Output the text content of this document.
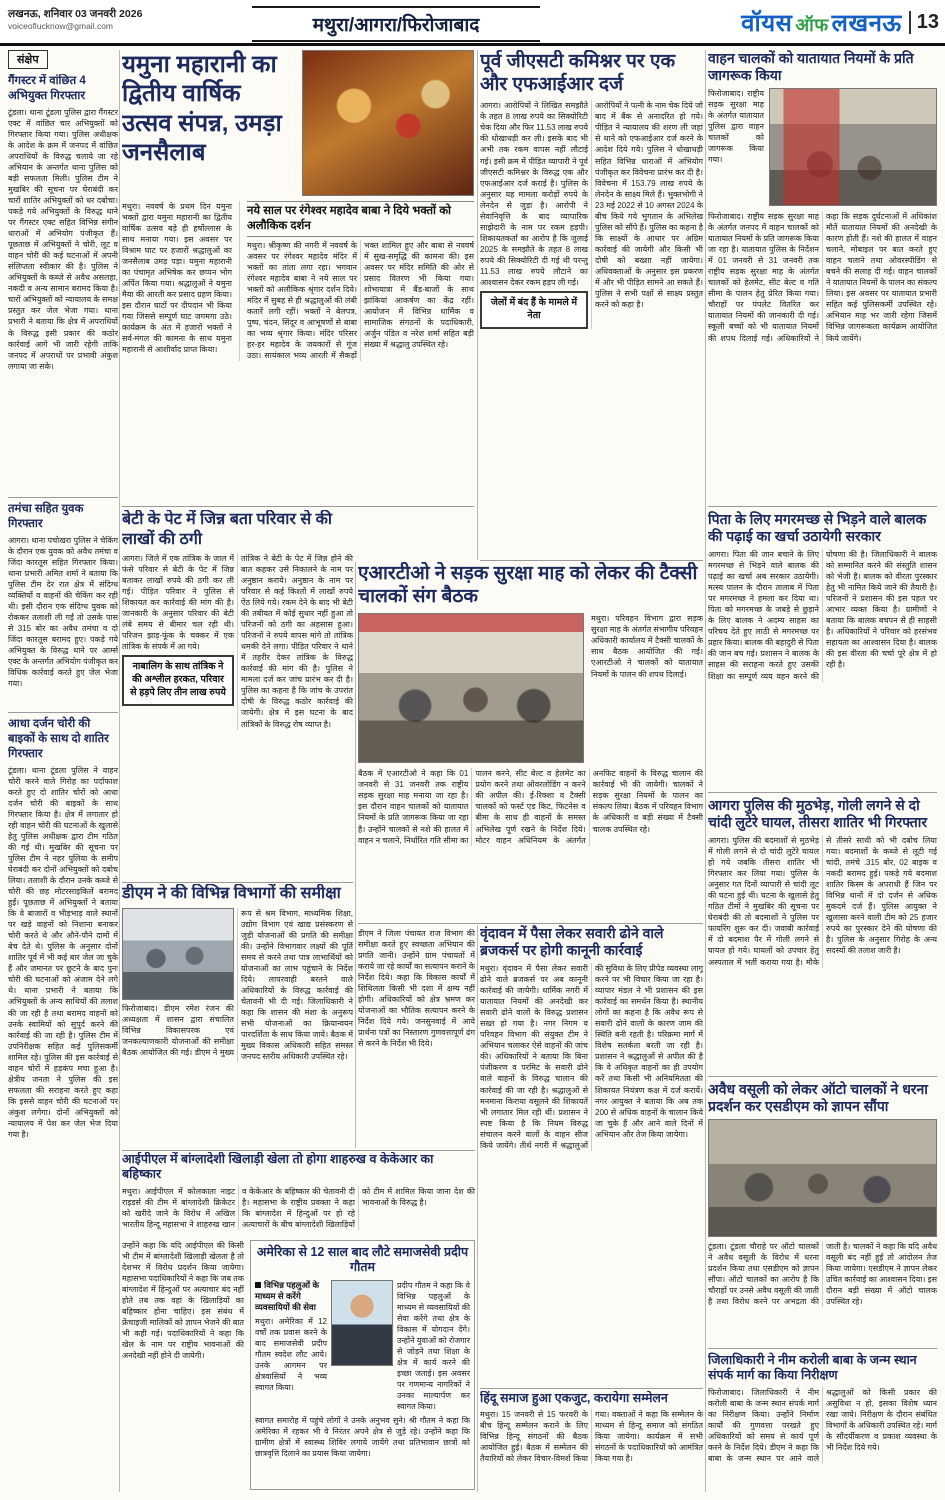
लखनऊ, शनिवार 03 जनवरी 2026
voiceoflucknow@gmail.com	मथुरा/आगरा/फिरोजाबाद	वॉयस ऑफ लखनऊ 13
संक्षेप
गैंगस्टर में वांछित 4 अभियुक्त गिरफ्तार

टूंडला। थाना टूंडला पुलिस द्वारा गैंगस्टर एक्ट में वांछित चार अभियुक्तों को गिरफ्तार किया गया। पुलिस अधीक्षक के आदेश के क्रम में जनपद में वांछित अपराधियों के विरुद्ध चलाये जा रहे अभियान के अन्तर्गत थाना पुलिस को बड़ी सफलता मिली। पुलिस टीम ने मुखबिर की सूचना पर घेराबंदी कर चारों शातिर अभियुक्तों को धर दबोचा। पकड़े गये अभियुक्तों के विरुद्ध थाने पर गैंगस्टर एक्ट सहित विभिन्न संगीन धाराओं में अभियोग पंजीकृत हैं। पूछताछ में अभियुक्तों ने चोरी, लूट व वाहन चोरी की कई घटनाओं में अपनी संलिप्तता स्वीकार की है। पुलिस ने अभियुक्तों के कब्जे से अवैध असलहा, नकदी व अन्य सामान बरामद किया है। चारों अभियुक्तों को न्यायालय के समक्ष प्रस्तुत कर जेल भेजा गया। थाना प्रभारी ने बताया कि क्षेत्र में अपराधियों के विरुद्ध इसी प्रकार की कठोर कार्रवाई आगे भी जारी रहेगी ताकि जनपद में अपराधों पर प्रभावी अंकुश लगाया जा सके।

तमंचा सहित युवक गिरफ्तार

आगरा। थाना पचोखरा पुलिस ने चेकिंग के दौरान एक युवक को अवैध तमंचा व जिंदा कारतूस सहित गिरफ्तार किया। थाना प्रभारी अमित शर्मा ने बताया कि पुलिस टीम देर रात क्षेत्र में संदिग्ध व्यक्तियों व वाहनों की चेकिंग कर रही थी। इसी दौरान एक संदिग्ध युवक को रोककर तलाशी ली गई तो उसके पास से 315 बोर का अवैध तमंचा व दो जिंदा कारतूस बरामद हुए। पकड़े गये अभियुक्त के विरुद्ध थाने पर आर्म्स एक्ट के अन्तर्गत अभियोग पंजीकृत कर विधिक कार्रवाई करते हुए जेल भेजा गया।

आधा दर्जन चोरी की बाइकों के साथ दो शातिर गिरफ्तार

टूंडला। थाना टूंडला पुलिस ने वाहन चोरी करने वाले गिरोह का पर्दाफाश करते हुए दो शातिर चोरों को आधा दर्जन चोरी की बाइकों के साथ गिरफ्तार किया है। क्षेत्र में लगातार हो रही वाहन चोरी की घटनाओं के खुलासे हेतु पुलिस अधीक्षक द्वारा टीम गठित की गई थी। मुखबिर की सूचना पर पुलिस टीम ने नहर पुलिया के समीप घेराबंदी कर दोनों अभियुक्तों को दबोच लिया। तलाशी के दौरान उनके कब्जे से चोरी की छह मोटरसाइकिलें बरामद हुईं। पूछताछ में अभियुक्तों ने बताया कि वे बाजारों व भीड़भाड़ वाले स्थानों पर खड़े वाहनों को निशाना बनाकर चोरी करते थे और औने-पौने दामों में बेच देते थे। पुलिस के अनुसार दोनों शातिर पूर्व में भी कई बार जेल जा चुके हैं और जमानत पर छूटने के बाद पुनः चोरी की घटनाओं को अंजाम देने लगे थे। थाना प्रभारी ने बताया कि अभियुक्तों के अन्य साथियों की तलाश की जा रही है तथा बरामद वाहनों को उनके स्वामियों को सुपुर्द करने की कार्रवाई की जा रही है। पुलिस टीम में उपनिरीक्षक सहित कई पुलिसकर्मी शामिल रहे। पुलिस की इस कार्रवाई से वाहन चोरों में हड़कंप मचा हुआ है। क्षेत्रीय जनता ने पुलिस की इस सफलता की सराहना करते हुए कहा कि इससे वाहन चोरी की घटनाओं पर अंकुश लगेगा। दोनों अभियुक्तों को न्यायालय में पेश कर जेल भेज दिया गया है।

यमुना महारानी का द्वितीय वार्षिक उत्सव संपन्न, उमड़ा जनसैलाब
मथुरा। नववर्ष के प्रथम दिन यमुना भक्तों द्वारा यमुना महारानी का द्वितीय वार्षिक उत्सव बड़े ही हर्षोल्लास के साथ मनाया गया। इस अवसर पर विश्राम घाट पर हजारों श्रद्धालुओं का जनसैलाब उमड़ पड़ा। यमुना महारानी का पंचामृत अभिषेक कर छप्पन भोग अर्पित किया गया। श्रद्धालुओं ने यमुना मैया की आरती कर प्रसाद ग्रहण किया। इस दौरान घाटों पर दीपदान भी किया गया जिससे सम्पूर्ण घाट जगमगा उठे। कार्यक्रम के अंत में हजारों भक्तों ने सर्व-मंगल की कामना के साथ यमुना महारानी से आशीर्वाद प्राप्त किया।
नये साल पर रंगेश्वर महादेव बाबा ने दिये भक्तों को अलौकिक दर्शन
मथुरा। श्रीकृष्ण की नगरी में नववर्ष के अवसर पर रंगेश्वर महादेव मंदिर में भक्तों का तांता लगा रहा। भगवान रंगेश्वर महादेव बाबा ने नये साल पर भक्तों को अलौकिक श्रृंगार दर्शन दिये। मंदिर में सुबह से ही श्रद्धालुओं की लंबी कतारें लगी रहीं। भक्तों ने बेलपत्र, पुष्प, चंदन, सिंदूर व आभूषणों से बाबा का भव्य श्रृंगार किया। मंदिर परिसर हर-हर महादेव के जयकारों से गूंज उठा। सायंकाल भव्य आरती में सैकड़ों भक्त शामिल हुए और बाबा से नववर्ष में सुख-समृद्धि की कामना की। इस अवसर पर मंदिर समिति की ओर से प्रसाद वितरण भी किया गया। शोभायात्रा में बैंड-बाजों के साथ झांकियां आकर्षण का केंद्र रहीं। आयोजन में विभिन्न धार्मिक व सामाजिक संगठनों के पदाधिकारी, अर्जुन पंडित व नरेश शर्मा सहित बड़ी संख्या में श्रद्धालु उपस्थित रहे।
पूर्व जीएसटी कमिश्नर पर एक और एफआईआर दर्ज

आगरा। आरोपियों ने लिखित समझौते के तहत 8 लाख रुपये का सिक्योरिटी चेक दिया और फिर 11.53 लाख रुपये की धोखाधड़ी कर ली। इसके बाद भी अभी तक रकम वापस नहीं लौटाई गई। इसी क्रम में पीड़ित व्यापारी ने पूर्व जीएसटी कमिश्नर के विरुद्ध एक और एफआईआर दर्ज कराई है। पुलिस के अनुसार यह मामला करोड़ों रुपये के लेनदेन से जुड़ा है। आरोपी ने सेवानिवृत्ति के बाद व्यापारिक साझेदारी के नाम पर रकम हड़पी। शिकायतकर्ता का आरोप है कि जुलाई 2025 के समझौते के तहत 8 लाख रुपये की सिक्योरिटी दी गई थी परन्तु 11.53 लाख रुपये लौटाने का आश्वासन देकर रकम हड़प ली गई।

जेलों में बंद हैं के मामले में नेता

आरोपियों ने पत्नी के नाम चेक दिये जो बाद में बैंक से अनादरित हो गये। पीड़ित ने न्यायालय की शरण ली जहां से थाने को एफआईआर दर्ज करने के आदेश दिये गये। पुलिस ने धोखाधड़ी सहित विभिन्न धाराओं में अभियोग पंजीकृत कर विवेचना प्रारंभ कर दी है। विवेचना में 153.79 लाख रुपये के लेनदेन के साक्ष्य मिले हैं। भुक्तभोगी ने 23 मई 2022 से 10 अगस्त 2024 के बीच किये गये भुगतान के अभिलेख पुलिस को सौंपे हैं। पुलिस का कहना है कि साक्ष्यों के आधार पर अग्रिम कार्रवाई की जायेगी और किसी भी दोषी को बख्शा नहीं जायेगा। अधिवक्ताओं के अनुसार इस प्रकरण में और भी पीड़ित सामने आ सकते हैं। पुलिस ने सभी पक्षों से साक्ष्य प्रस्तुत करने को कहा है।

वाहन चालकों को यातायात नियमों के प्रति जागरूक किया
फिरोजाबाद। राष्ट्रीय सड़क सुरक्षा माह के अंतर्गत यातायात पुलिस द्वारा वाहन चालकों को जागरूक किया गया।
फिरोजाबाद। राष्ट्रीय सड़क सुरक्षा माह के अंतर्गत जनपद में वाहन चालकों को यातायात नियमों के प्रति जागरूक किया जा रहा है। यातायात पुलिस के निर्देशन में 01 जनवरी से 31 जनवरी तक राष्ट्रीय सड़क सुरक्षा माह के अंतर्गत चालकों को हेलमेट, सीट बेल्ट व गति सीमा के पालन हेतु प्रेरित किया गया। चौराहों पर पंपलेट वितरित कर यातायात नियमों की जानकारी दी गई। स्कूली बच्चों को भी यातायात नियमों की शपथ दिलाई गई। अधिकारियों ने कहा कि सड़क दुर्घटनाओं में अधिकांश मौतें यातायात नियमों की अनदेखी के कारण होती हैं। नशे की हालत में वाहन चलाने, मोबाइल पर बात करते हुए वाहन चलाने तथा ओवरस्पीडिंग से बचने की सलाह दी गई। वाहन चालकों ने यातायात नियमों के पालन का संकल्प लिया। इस अवसर पर यातायात प्रभारी सहित कई पुलिसकर्मी उपस्थित रहे। अभियान माह भर जारी रहेगा जिसमें विभिन्न जागरूकता कार्यक्रम आयोजित किये जायेंगे।
बेटी के पेट में जिन्न बता परिवार से की लाखों की ठगी

आगरा। जिले में एक तांत्रिक के जाल में फंसे परिवार से बेटी के पेट में जिन्न बताकर लाखों रुपये की ठगी कर ली गई। पीड़ित परिवार ने पुलिस से शिकायत कर कार्रवाई की मांग की है। जानकारी के अनुसार परिवार की बेटी लंबे समय से बीमार चल रही थी। परिजन झाड़-फूंक के चक्कर में एक तांत्रिक के संपर्क में आ गये।

नाबालिग के साथ तांत्रिक ने की अश्लील हरकत, परिवार से हड़पे लिए तीन लाख रुपये

तांत्रिक ने बेटी के पेट में जिन्न होने की बात कहकर उसे निकालने के नाम पर अनुष्ठान कराये। अनुष्ठान के नाम पर परिवार से कई किश्तों में लाखों रुपये ऐंठ लिये गये। रकम देने के बाद भी बेटी की तबीयत में कोई सुधार नहीं हुआ तो परिजनों को ठगी का अहसास हुआ। परिजनों ने रुपये वापस मांगे तो तांत्रिक धमकी देने लगा। पीड़ित परिवार ने थाने में तहरीर देकर तांत्रिक के विरुद्ध कार्रवाई की मांग की है। पुलिस ने मामला दर्ज कर जांच प्रारंभ कर दी है। पुलिस का कहना है कि जांच के उपरांत दोषी के विरुद्ध कठोर कार्रवाई की जायेगी। क्षेत्र में इस घटना के बाद तांत्रिकों के विरुद्ध रोष व्याप्त है।

एआरटीओ ने सड़क सुरक्षा माह को लेकर की टैक्सी चालकों संग बैठक
मथुरा। परिवहन विभाग द्वारा सड़क सुरक्षा माह के अंतर्गत संभागीय परिवहन अधिकारी कार्यालय में टैक्सी चालकों के साथ बैठक आयोजित की गई। एआरटीओ ने चालकों को यातायात नियमों के पालन की शपथ दिलाई।
बैठक में एआरटीओ ने कहा कि 01 जनवरी से 31 जनवरी तक राष्ट्रीय सड़क सुरक्षा माह मनाया जा रहा है। इस दौरान वाहन चालकों को यातायात नियमों के प्रति जागरूक किया जा रहा है। उन्होंने चालकों से नशे की हालत में वाहन न चलाने, निर्धारित गति सीमा का पालन करने, सीट बेल्ट व हेलमेट का प्रयोग करने तथा ओवरलोडिंग न करने की अपील की। ई-रिक्शा व टैक्सी चालकों को फर्स्ट एड किट, फिटनेस व बीमा के साथ ही वाहनों के समस्त अभिलेख पूर्ण रखने के निर्देश दिये। मोटर वाहन अधिनियम के अंतर्गत अनफिट वाहनों के विरुद्ध चालान की कार्रवाई भी की जायेगी। चालकों ने सड़क सुरक्षा नियमों के पालन का संकल्प लिया। बैठक में परिवहन विभाग के अधिकारी व बड़ी संख्या में टैक्सी चालक उपस्थित रहे।
पिता के लिए मगरमच्छ से भिड़ने वाले बालक की पढ़ाई का खर्चा उठायेगी सरकार
आगरा। पिता की जान बचाने के लिए मगरमच्छ से भिड़ने वाले बालक की पढ़ाई का खर्चा अब सरकार उठायेगी। मत्स्य पालन के दौरान तालाब में पिता पर मगरमच्छ ने हमला कर दिया था। पिता को मगरमच्छ के जबड़े से छुड़ाने के लिए बालक ने अदम्य साहस का परिचय देते हुए लाठी से मगरमच्छ पर प्रहार किया। बालक की बहादुरी से पिता की जान बच गई। प्रशासन ने बालक के साहस की सराहना करते हुए उसकी शिक्षा का सम्पूर्ण व्यय वहन करने की घोषणा की है। जिलाधिकारी ने बालक को सम्मानित करने की संस्तुति शासन को भेजी है। बालक को वीरता पुरस्कार हेतु भी नामित किये जाने की तैयारी है। परिजनों ने प्रशासन की इस पहल पर आभार व्यक्त किया है। ग्रामीणों ने बताया कि बालक बचपन से ही साहसी है। अधिकारियों ने परिवार को हरसंभव सहायता का आश्वासन दिया है। बालक की इस वीरता की चर्चा पूरे क्षेत्र में हो रही है।
आगरा पुलिस की मुठभेड़, गोली लगने से दो चांदी लुटेरे घायल, तीसरा शातिर भी गिरफ्तार
आगरा। पुलिस की बदमाशों से मुठभेड़ में गोली लगने से दो चांदी लुटेरे घायल हो गये जबकि तीसरा शातिर भी गिरफ्तार कर लिया गया। पुलिस के अनुसार गत दिनों व्यापारी से चांदी लूट की घटना हुई थी। घटना के खुलासे हेतु गठित टीमों ने मुखबिर की सूचना पर घेराबंदी की तो बदमाशों ने पुलिस पर फायरिंग शुरू कर दी। जवाबी कार्रवाई में दो बदमाश पैर में गोली लगने से घायल हो गये। घायलों को उपचार हेतु अस्पताल में भर्ती कराया गया है। मौके से तीसरे साथी को भी दबोच लिया गया। बदमाशों के कब्जे से लूटी गई चांदी, तमंचे .315 बोर, 02 बाइक व नकदी बरामद हुई। पकड़े गये बदमाश शातिर किस्म के अपराधी हैं जिन पर विभिन्न थानों में दो दर्जन से अधिक मुकदमे दर्ज हैं। पुलिस आयुक्त ने खुलासा करने वाली टीम को 25 हजार रुपये का पुरस्कार देने की घोषणा की है। पुलिस के अनुसार गिरोह के अन्य सदस्यों की तलाश जारी है।
डीएम ने की विभिन्न विभागों की समीक्षा

फिरोजाबाद। डीएम रमेश रंजन की अध्यक्षता में शासन द्वारा संचालित विभिन्न विकासपरक एवं जनकल्याणकारी योजनाओं की समीक्षा बैठक आयोजित की गई। डीएम ने मुख्य रूप से श्रम विभाग, माध्यमिक शिक्षा, उद्योग विभाग एवं खाद्य प्रसंस्करण से जुड़ी योजनाओं की प्रगति की समीक्षा की। उन्होंने विभागवार लक्ष्यों की पूर्ति समय से करने तथा पात्र लाभार्थियों को योजनाओं का लाभ पहुंचाने के निर्देश दिये। लापरवाही बरतने वाले अधिकारियों के विरुद्ध कार्रवाई की चेतावनी भी दी गई। जिलाधिकारी ने कहा कि शासन की मंशा के अनुरूप सभी योजनाओं का क्रियान्वयन पारदर्शिता के साथ किया जाये। बैठक में मुख्य विकास अधिकारी सहित समस्त जनपद स्तरीय अधिकारी उपस्थित रहे।

डीएम ने जिला पंचायत राज विभाग की समीक्षा करते हुए स्वच्छता अभियान की प्रगति जानी। उन्होंने ग्राम पंचायतों में कराये जा रहे कार्यों का सत्यापन कराने के निर्देश दिये। कहा कि विकास कार्यों में शिथिलता किसी भी दशा में क्षम्य नहीं होगी। अधिकारियों को क्षेत्र भ्रमण कर योजनाओं का भौतिक सत्यापन करने के निर्देश दिये गये। जनसुनवाई में आये प्रार्थना पत्रों का निस्तारण गुणवत्तापूर्ण ढंग से करने के निर्देश भी दिये।
वृंदावन में पैसा लेकर सवारी ढोने वाले ब्रजकर्स पर होगी कानूनी कार्रवाई
मथुरा। वृंदावन में पैसा लेकर सवारी ढोने वाले ब्रजकर्स पर अब कानूनी कार्रवाई की जायेगी। धार्मिक नगरी में यातायात नियमों की अनदेखी कर सवारी ढोने वालों के विरुद्ध प्रशासन सख्त हो गया है। नगर निगम व परिवहन विभाग की संयुक्त टीम ने अभियान चलाकर ऐसे वाहनों की जांच की। अधिकारियों ने बताया कि बिना पंजीकरण व परमिट के सवारी ढोने वाले वाहनों के विरुद्ध चालान की कार्रवाई की जा रही है। श्रद्धालुओं से मनमाना किराया वसूलने की शिकायतें भी लगातार मिल रही थीं। प्रशासन ने स्पष्ट किया है कि नियम विरुद्ध संचालन करने वालों के वाहन सीज किये जायेंगे। तीर्थ नगरी में श्रद्धालुओं की सुविधा के लिए प्रीपेड व्यवस्था लागू करने पर भी विचार किया जा रहा है। व्यापार मंडल ने भी प्रशासन की इस कार्रवाई का समर्थन किया है। स्थानीय लोगों का कहना है कि अवैध रूप से सवारी ढोने वालों के कारण जाम की स्थिति बनी रहती है। परिक्रमा मार्ग में विशेष सतर्कता बरती जा रही है। प्रशासन ने श्रद्धालुओं से अपील की है कि वे अधिकृत वाहनों का ही उपयोग करें तथा किसी भी अनियमितता की शिकायत नियंत्रण कक्ष में दर्ज करायें। नगर आयुक्त ने बताया कि अब तक 200 से अधिक वाहनों के चालान किये जा चुके हैं और आने वाले दिनों में अभियान और तेज किया जायेगा।
आईपीएल में बांग्लादेशी खिलाड़ी खेला तो होगा शाहरुख व केकेआर का बहिष्कार
मथुरा। आईपीएल में कोलकाता नाइट राइडर्स की टीम में बांग्लादेशी क्रिकेटर को खरीदे जाने के विरोध में अखिल भारतीय हिन्दू महासभा ने शाहरुख खान व केकेआर के बहिष्कार की चेतावनी दी है। महासभा के राष्ट्रीय प्रवक्ता ने कहा कि बांग्लादेश में हिन्दुओं पर हो रहे अत्याचारों के बीच बांग्लादेशी खिलाड़ियों को टीम में शामिल किया जाना देश की भावनाओं के विरुद्ध है।
उन्होंने कहा कि यदि आईपीएल की किसी भी टीम में बांग्लादेशी खिलाड़ी खेलता है तो देशभर में विरोध प्रदर्शन किया जायेगा। महासभा पदाधिकारियों ने कहा कि जब तक बांग्लादेश में हिन्दुओं पर अत्याचार बंद नहीं होते तब तक वहां के खिलाड़ियों का बहिष्कार होना चाहिए। इस संबंध में फ्रेंचाइजी मालिकों को ज्ञापन भेजने की बात भी कही गई। पदाधिकारियों ने कहा कि खेल के नाम पर राष्ट्रीय भावनाओं की अनदेखी नहीं होने दी जायेगी।
अमेरिका से 12 साल बाद लौटे समाजसेवी प्रदीप गौतम
विभिन्न पहलुओं के माध्यम से करेंगे व्यवसायियों की सेवा
मथुरा। अमेरिका में 12 वर्षों तक प्रवास करने के बाद समाजसेवी प्रदीप गौतम स्वदेश लौट आये। उनके आगमन पर क्षेत्रवासियों ने भव्य स्वागत किया।
प्रदीप गौतम ने कहा कि वे विभिन्न पहलुओं के माध्यम से व्यवसायियों की सेवा करेंगे तथा क्षेत्र के विकास में योगदान देंगे। उन्होंने युवाओं को रोजगार से जोड़ने तथा शिक्षा के क्षेत्र में कार्य करने की इच्छा जताई। इस अवसर पर गणमान्य नागरिकों ने उनका माल्यार्पण कर स्वागत किया।
स्वागत समारोह में पहुंचे लोगों ने उनके अनुभव सुने। श्री गौतम ने कहा कि अमेरिका में रहकर भी वे निरंतर अपने क्षेत्र से जुड़े रहे। उन्होंने कहा कि ग्रामीण क्षेत्रों में स्वास्थ्य शिविर लगाये जायेंगे तथा प्रतिभावान छात्रों को छात्रवृत्ति दिलाने का प्रयास किया जायेगा।
हिंदू समाज हुआ एकजुट, करायेगा सम्मेलन
मथुरा। 15 जनवरी से 15 फरवरी के बीच हिन्दू सम्मेलन कराने के लिए विभिन्न हिन्दू संगठनों की बैठक आयोजित हुई। बैठक में सम्मेलन की तैयारियों को लेकर विचार-विमर्श किया गया। वक्ताओं ने कहा कि सम्मेलन के माध्यम से हिन्दू समाज को संगठित किया जायेगा। कार्यक्रम में सभी संगठनों के पदाधिकारियों को आमंत्रित किया गया है।
अवैध वसूली को लेकर ऑटो चालकों ने धरना प्रदर्शन कर एसडीएम को ज्ञापन सौंपा
टूंडला। टूंडला चौराहे पर ऑटो चालकों ने अवैध वसूली के विरोध में धरना प्रदर्शन किया तथा एसडीएम को ज्ञापन सौंपा। ऑटो चालकों का आरोप है कि चौराहों पर उनसे अवैध वसूली की जाती है तथा विरोध करने पर अभद्रता की जाती है। चालकों ने कहा कि यदि अवैध वसूली बंद नहीं हुई तो आंदोलन तेज किया जायेगा। एसडीएम ने ज्ञापन लेकर उचित कार्रवाई का आश्वासन दिया। इस दौरान बड़ी संख्या में ऑटो चालक उपस्थित रहे।
जिलाधिकारी ने नीम करोली बाबा के जन्म स्थान संपर्क मार्ग का किया निरीक्षण
फिरोजाबाद। जिलाधिकारी ने नीम करोली बाबा के जन्म स्थान संपर्क मार्ग का निरीक्षण किया। उन्होंने निर्माण कार्यों की गुणवत्ता परखते हुए अधिकारियों को समय से कार्य पूर्ण करने के निर्देश दिये। डीएम ने कहा कि बाबा के जन्म स्थान पर आने वाले श्रद्धालुओं को किसी प्रकार की असुविधा न हो, इसका विशेष ध्यान रखा जाये। निरीक्षण के दौरान संबंधित विभागों के अधिकारी उपस्थित रहे। मार्ग के सौंदर्यीकरण व प्रकाश व्यवस्था के भी निर्देश दिये गये।
